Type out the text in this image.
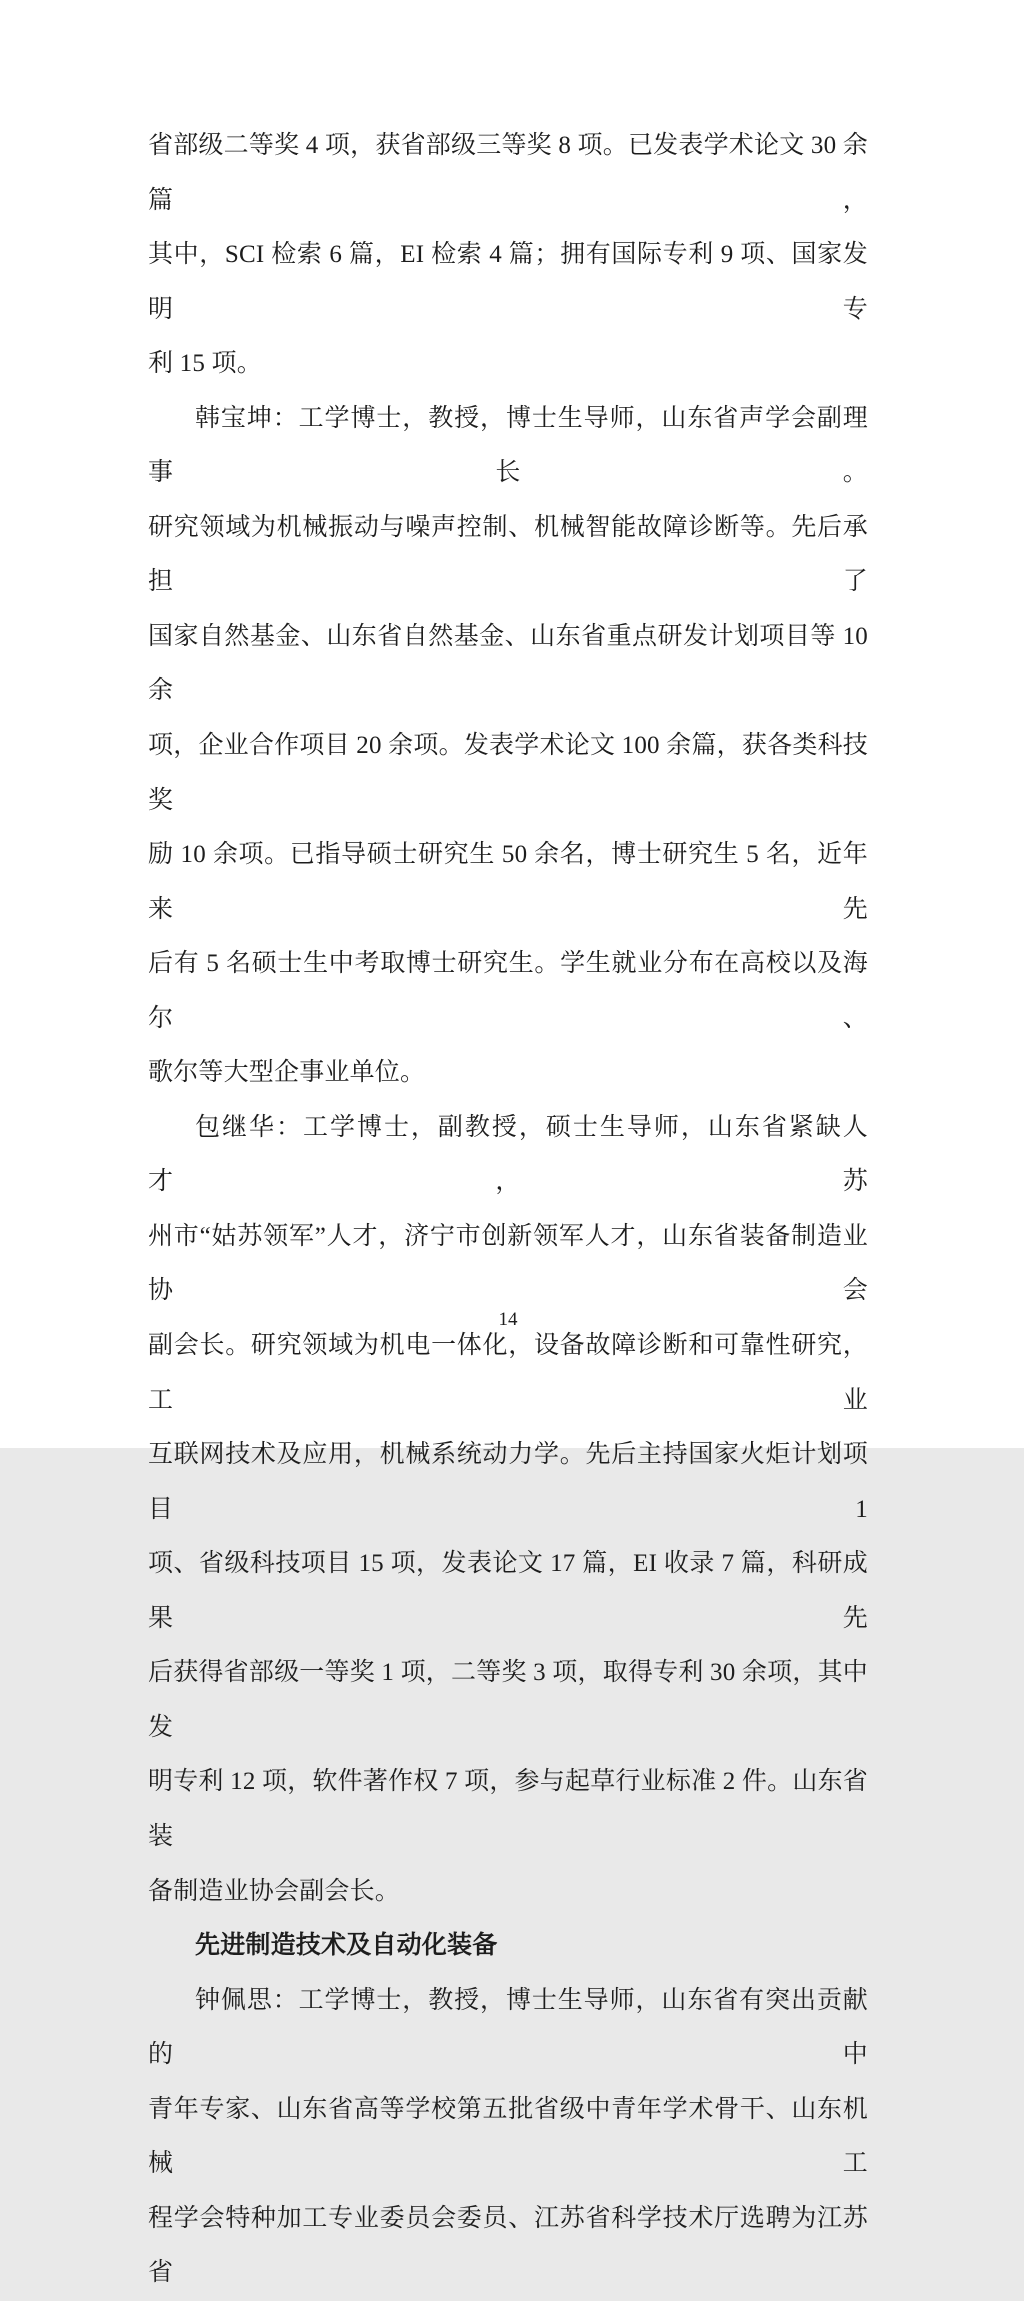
省部级二等奖 4 项，获省部级三等奖 8 项。已发表学术论文 30 余篇，
其中，SCI 检索 6 篇，EI 检索 4 篇；拥有国际专利 9 项、国家发明专
利 15 项。
韩宝坤：工学博士，教授，博士生导师，山东省声学会副理事长。
研究领域为机械振动与噪声控制、机械智能故障诊断等。先后承担了
国家自然基金、山东省自然基金、山东省重点研发计划项目等 10 余
项，企业合作项目 20 余项。发表学术论文 100 余篇，获各类科技奖
励 10 余项。已指导硕士研究生 50 余名，博士研究生 5 名，近年来先
后有 5 名硕士生中考取博士研究生。学生就业分布在高校以及海尔、
歌尔等大型企事业单位。
包继华：工学博士，副教授，硕士生导师，山东省紧缺人才，苏
州市“姑苏领军”人才，济宁市创新领军人才，山东省装备制造业协会
副会长。研究领域为机电一体化，设备故障诊断和可靠性研究，工业
互联网技术及应用，机械系统动力学。先后主持国家火炬计划项目 1
项、省级科技项目 15 项，发表论文 17 篇，EI 收录 7 篇，科研成果先
后获得省部级一等奖 1 项，二等奖 3 项，取得专利 30 余项，其中发
明专利 12 项，软件著作权 7 项，参与起草行业标准 2 件。山东省装
备制造业协会副会长。
先进制造技术及自动化装备
钟佩思：工学博士，教授，博士生导师，山东省有突出贡献的中
青年专家、山东省高等学校第五批省级中青年学术骨干、山东机械工
程学会特种加工专业委员会委员、江苏省科学技术厅选聘为江苏省
14
